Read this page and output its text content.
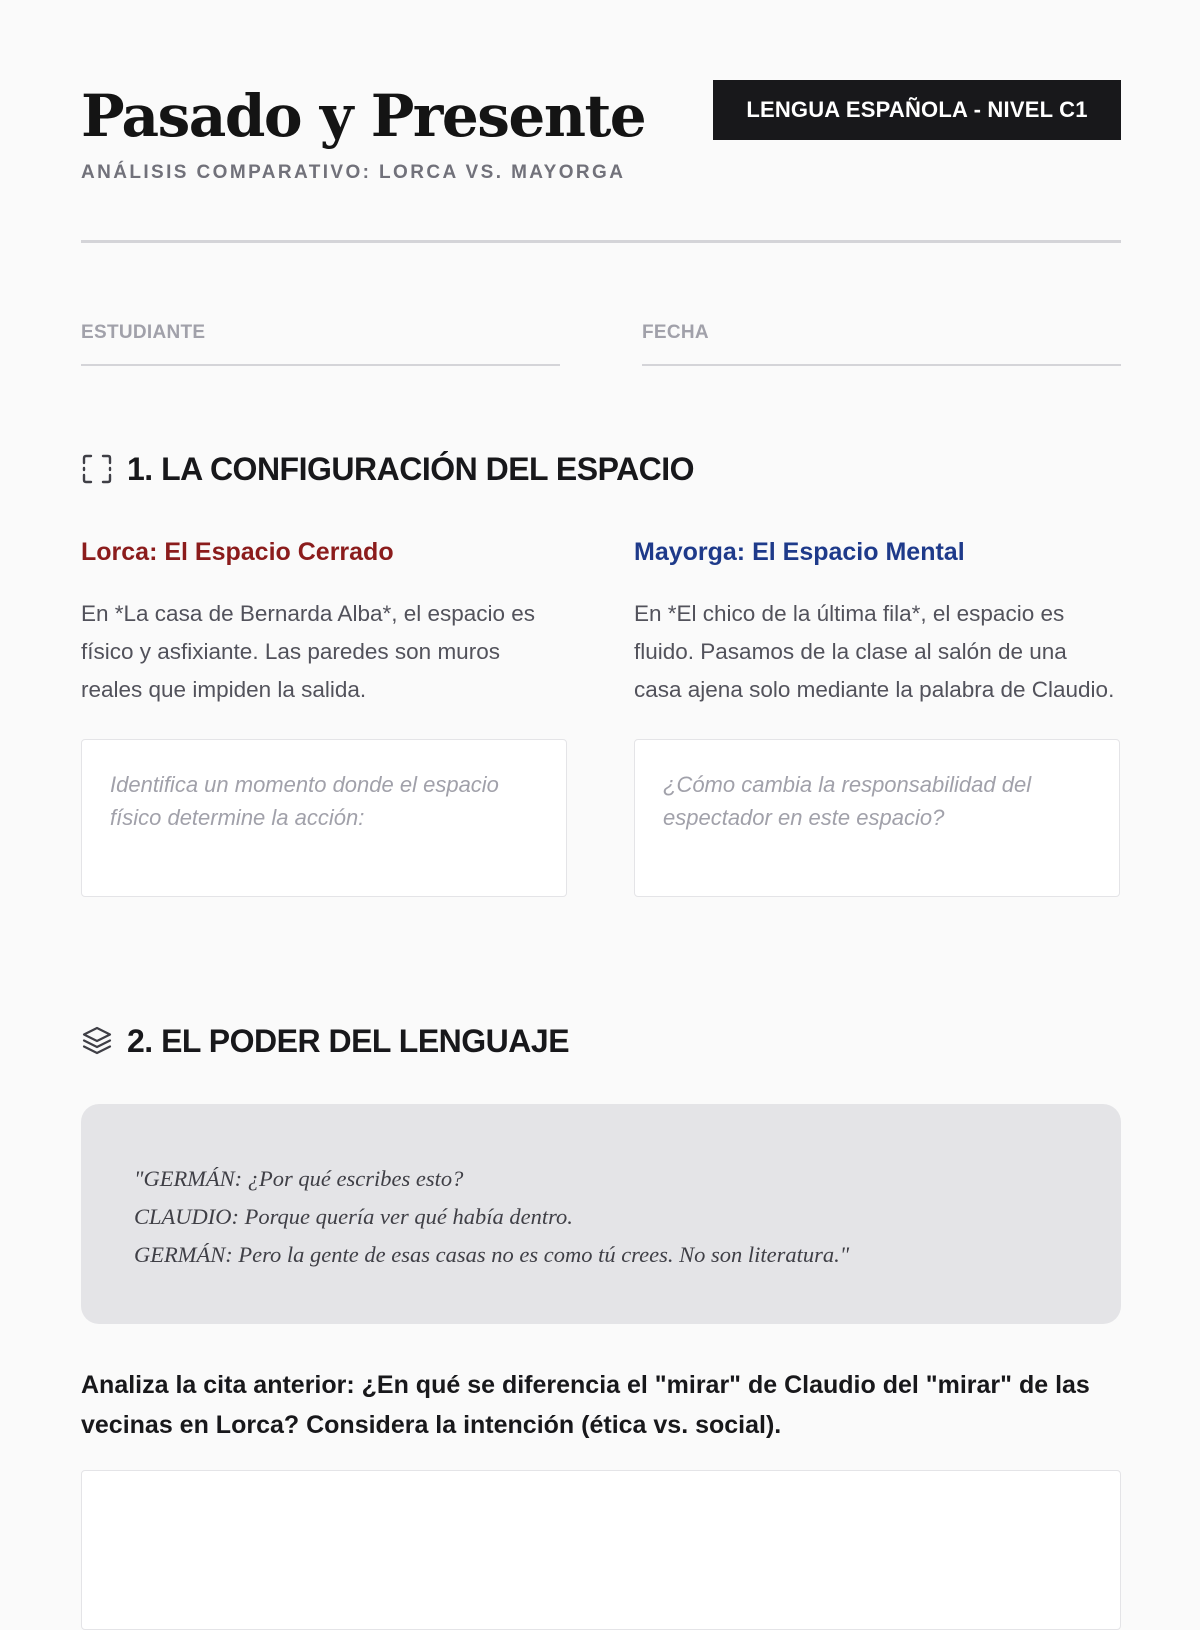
Pasado y Presente
ANÁLISIS COMPARATIVO: LORCA VS. MAYORGA
LENGUA ESPAÑOLA - NIVEL C1
ESTUDIANTE	FECHA
1. LA CONFIGURACIÓN DEL ESPACIO
Lorca: El Espacio Cerrado

En *La casa de Bernarda Alba*, el espacio es físico y asfixiante. Las paredes son muros reales que impiden la salida.

Identifica un momento donde el espacio físico determine la acción:
Mayorga: El Espacio Mental

En *El chico de la última fila*, el espacio es fluido. Pasamos de la clase al salón de una casa ajena solo mediante la palabra de Claudio.

¿Cómo cambia la responsabilidad del espectador en este espacio?
2. EL PODER DEL LENGUAJE
"GERMÁN: ¿Por qué escribes esto?
CLAUDIO: Porque quería ver qué había dentro.
GERMÁN: Pero la gente de esas casas no es como tú crees. No son literatura."
Analiza la cita anterior: ¿En qué se diferencia el "mirar" de Claudio del "mirar" de las vecinas en Lorca? Considera la intención (ética vs. social).
